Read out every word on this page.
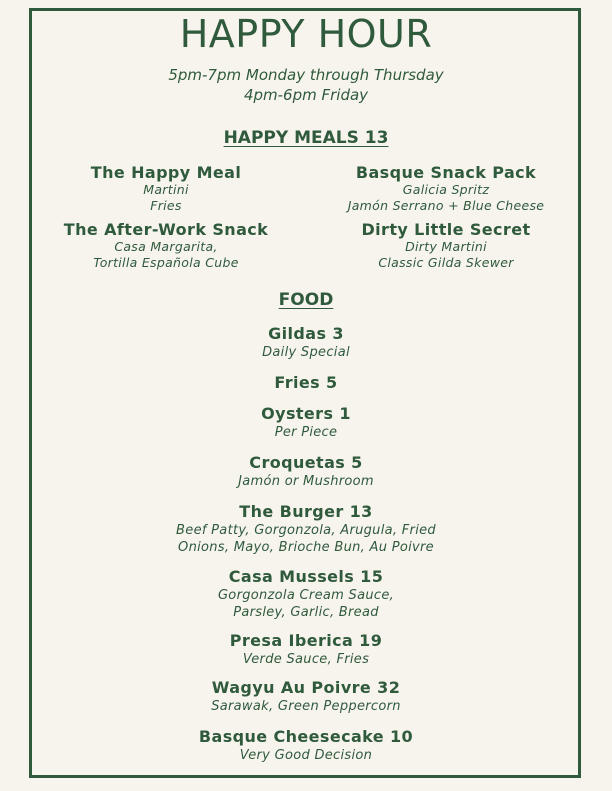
HAPPY HOUR
5pm-7pm Monday through Thursday
4pm-6pm Friday
HAPPY MEALS 13
The Happy Meal
Martini
Fries
Basque Snack Pack
Galicia Spritz
Jamón Serrano + Blue Cheese
The After-Work Snack
Casa Margarita,
Tortilla Española Cube
Dirty Little Secret
Dirty Martini
Classic Gilda Skewer
FOOD
Gildas 3
Daily Special
Fries 5
Oysters 1
Per Piece
Croquetas 5
Jamón or Mushroom
The Burger 13
Beef Patty, Gorgonzola, Arugula, Fried
Onions, Mayo, Brioche Bun, Au Poivre
Casa Mussels 15
Gorgonzola Cream Sauce,
Parsley, Garlic, Bread
Presa Iberica 19
Verde Sauce, Fries
Wagyu Au Poivre 32
Sarawak, Green Peppercorn
Basque Cheesecake 10
Very Good Decision
